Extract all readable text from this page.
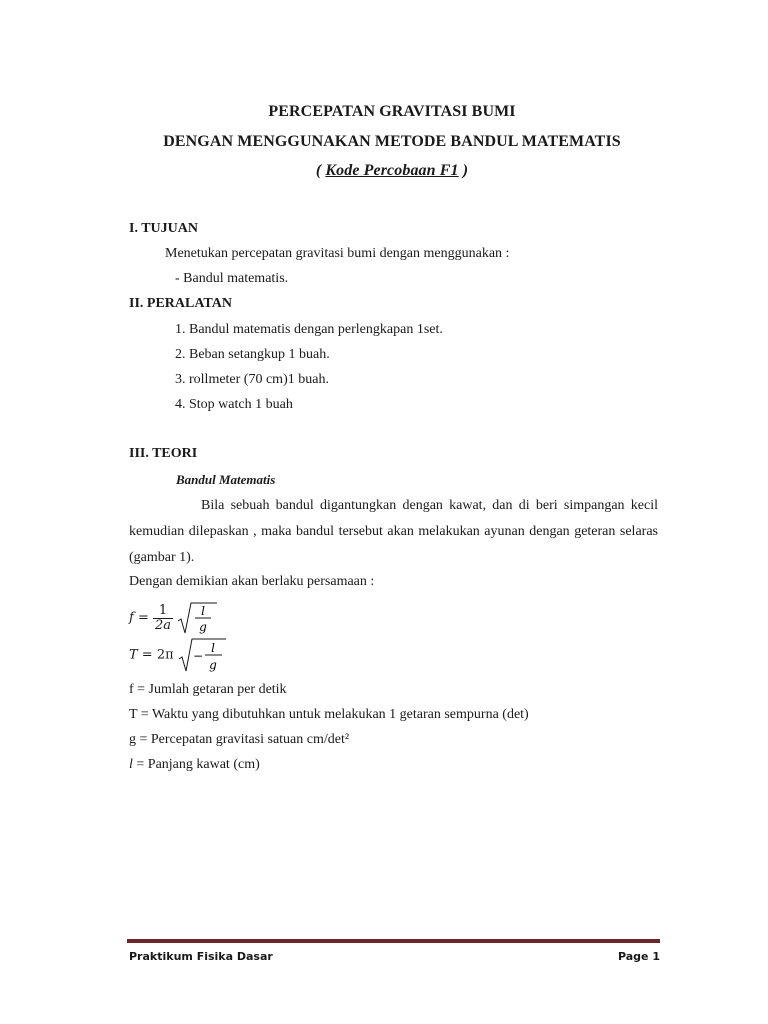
PERCEPATAN GRAVITASI BUMI
DENGAN MENGGUNAKAN METODE BANDUL MATEMATIS
( Kode Percobaan F1 )
I. TUJUAN
Menetukan percepatan gravitasi bumi dengan menggunakan :
- Bandul matematis.
II. PERALATAN
1. Bandul matematis dengan perlengkapan 1set.
2. Beban setangkup 1 buah.
3. rollmeter (70 cm)1 buah.
4. Stop watch 1 buah
III. TEORI
Bandul Matematis
Bila sebuah bandul digantungkan dengan kawat, dan di beri simpangan kecil kemudian dilepaskan , maka bandul tersebut akan melakukan ayunan dengan geteran selaras (gambar 1).
Dengan demikian akan berlaku persamaan :
$f = \frac{1}{2a}$
l
g
T = 2π −
l
g
f = Jumlah getaran per detik
T = Waktu yang dibutuhkan untuk melakukan 1 getaran sempurna (det)
g = Percepatan gravitasi satuan cm/det²
l = Panjang kawat (cm)
Praktikum Fisika Dasar	Page 1
